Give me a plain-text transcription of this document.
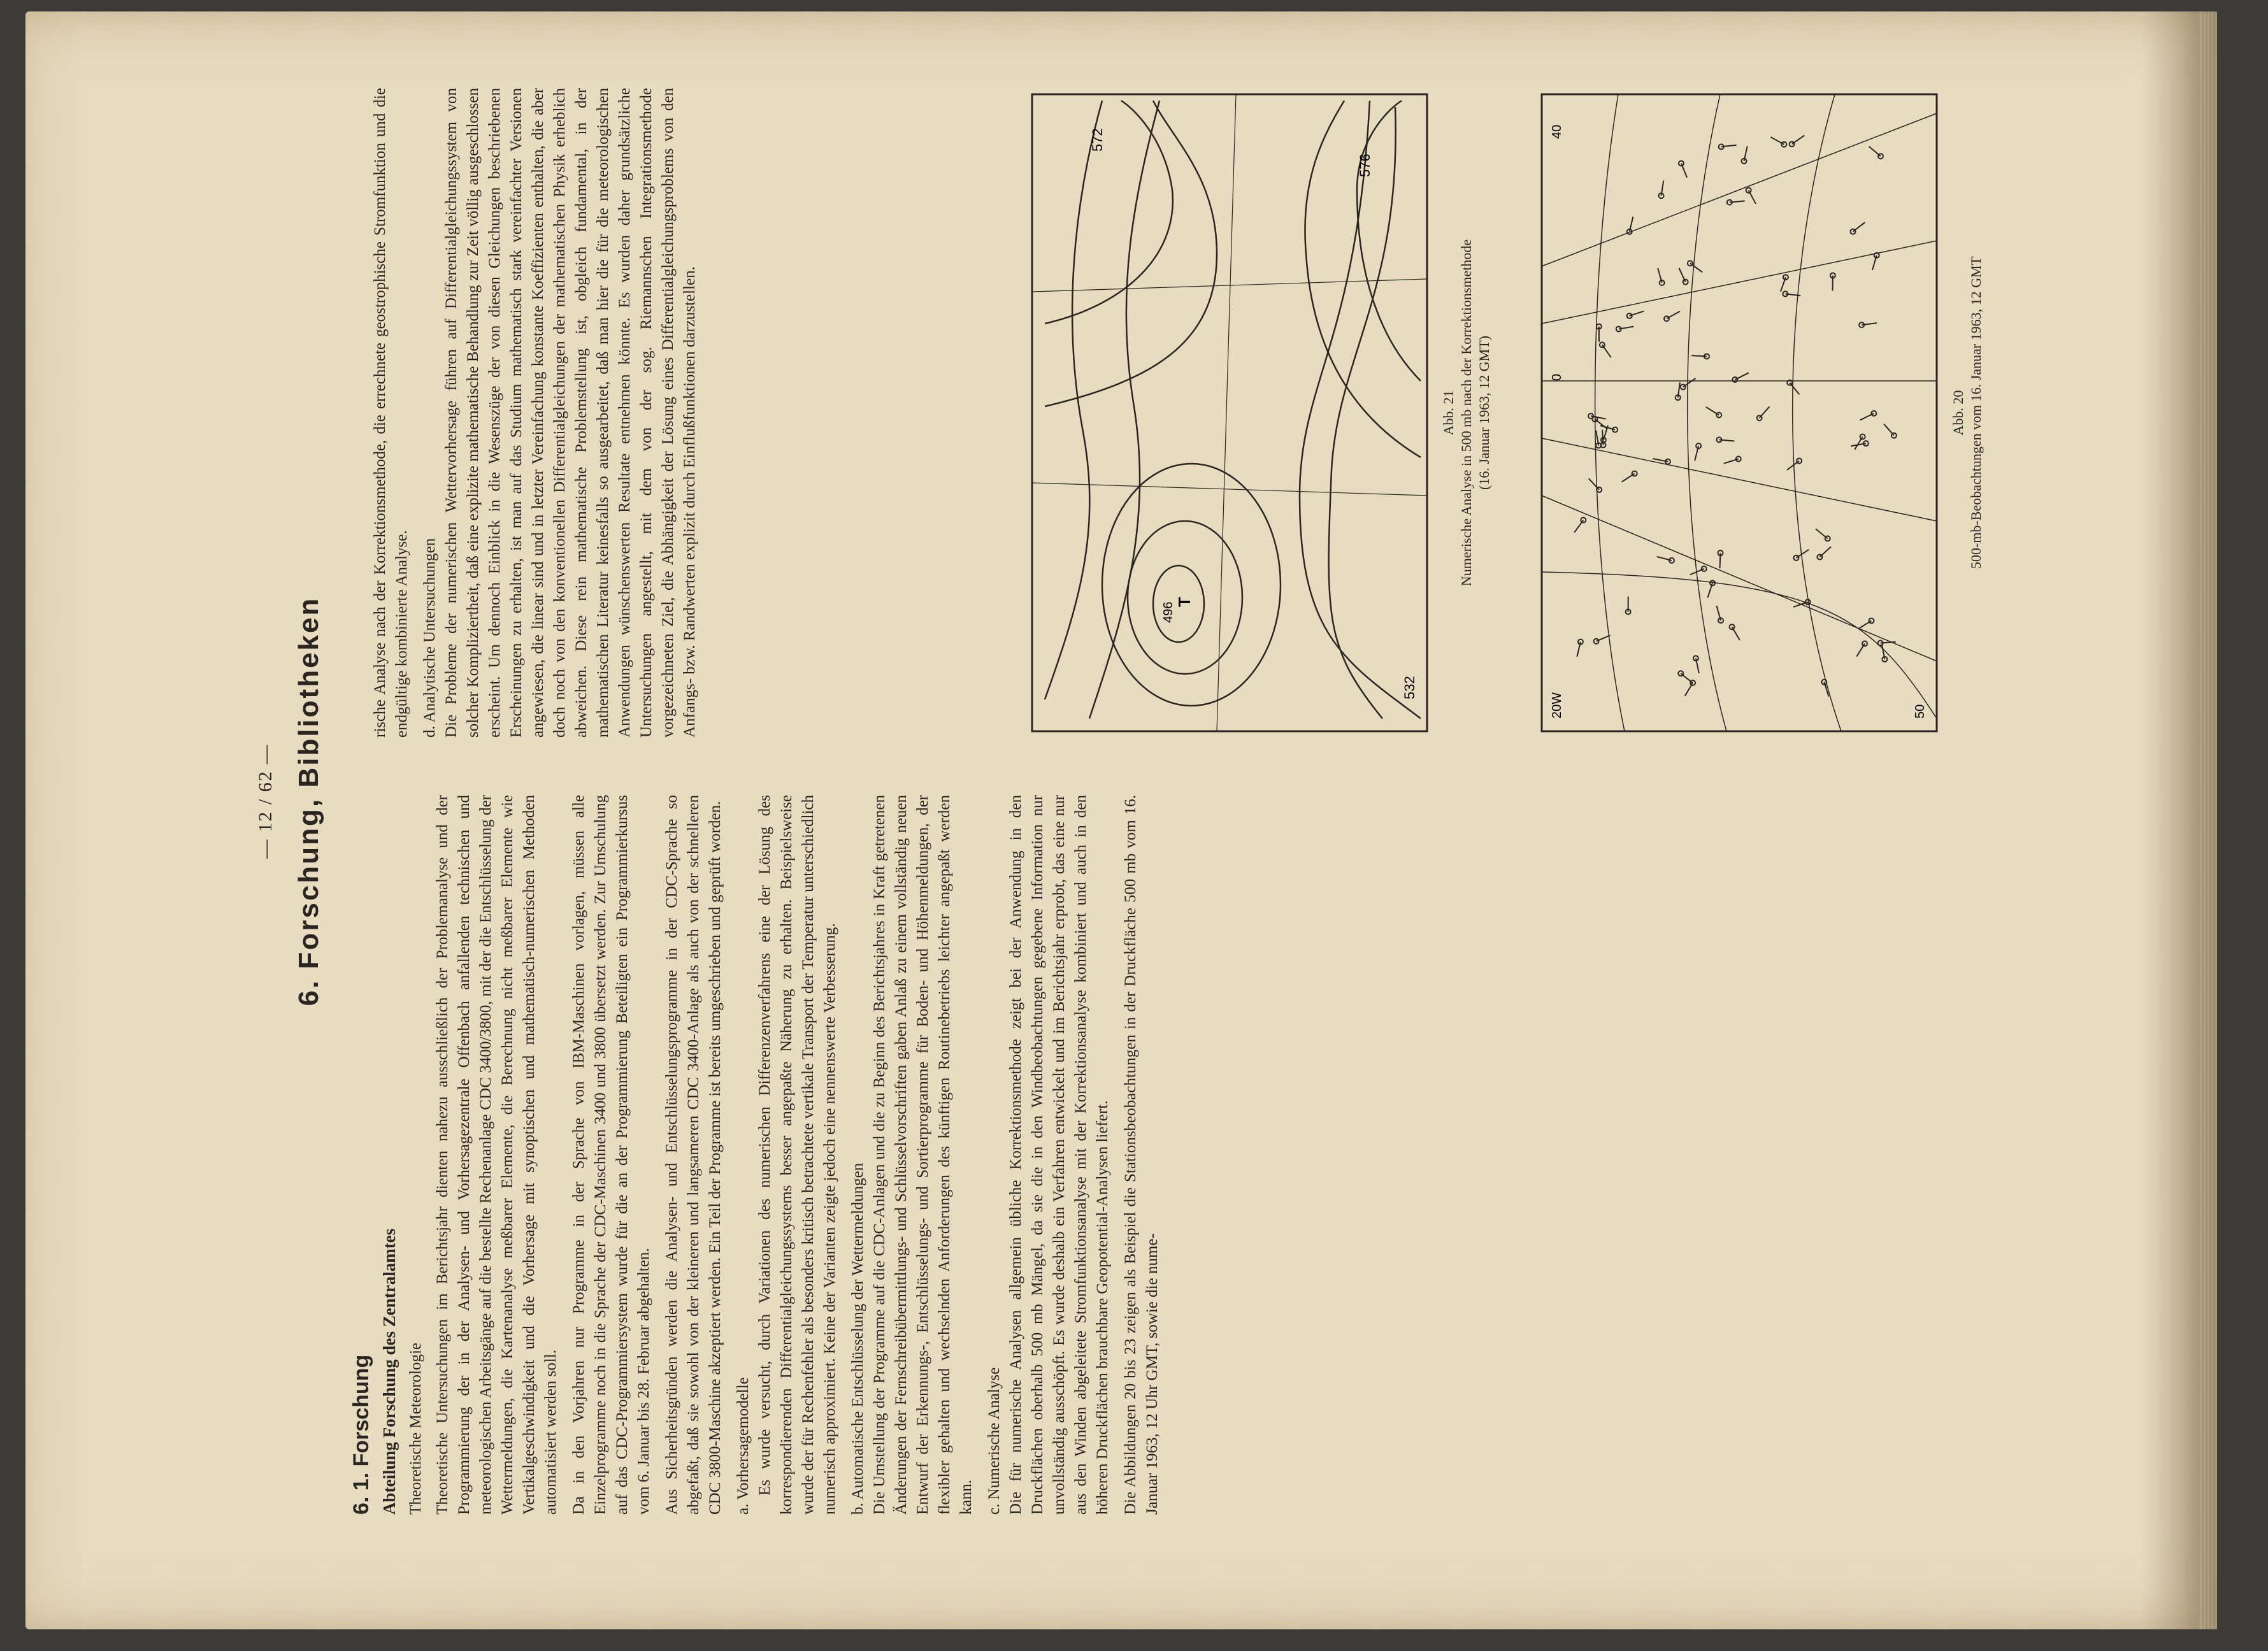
— 12 / 62 — 6. Forschung, Bibliotheken
6. 1. Forschung Abteilung Forschung des Zentralamtes Theoretische Meteorologie Theoretische Untersuchungen im Berichtsjahr dienten nahezu ausschließlich der Problemanalyse und der Programmierung der in der Analysen- und Vorhersagezentrale Offenbach anfallenden technischen und meteorologischen Arbeitsgänge auf die bestellte Rechenanlage CDC 3400/3800, mit der die Entschlüsselung der Wettermeldungen, die Kartenanalyse meßbarer Elemente, die Berechnung nicht meßbarer Elemente wie Vertikalgeschwindigkeit und die Vorhersage mit synoptischen und mathematisch-numerischen Methoden automatisiert werden soll. Da in den Vorjahren nur Programme in der Sprache von IBM-Maschinen vorlagen, müssen alle Einzelprogramme noch in die Sprache der CDC-Maschinen 3400 und 3800 übersetzt werden. Zur Umschulung auf das CDC-Programmiersystem wurde für die an der Programmierung Beteiligten ein Programmierkursus vom 6. Januar bis 28. Februar abgehalten. Aus Sicherheitsgründen werden die Analysen- und Entschlüsselungsprogramme in der CDC-Sprache so abgefaßt, daß sie sowohl von der kleineren und langsameren CDC 3400-Anlage als auch von der schnelleren CDC 3800-Maschine akzeptiert werden. Ein Teil der Programme ist bereits umgeschrieben und geprüft worden. a. Vorhersagemodelle Es wurde versucht, durch Variationen des numerischen Differenzenverfahrens eine der Lösung des korrespondierenden Differentialgleichungssystems besser angepaßte Näherung zu erhalten. Beispielsweise wurde der für Rechenfehler als besonders kritisch betrachtete vertikale Transport der Temperatur unterschiedlich numerisch approximiert. Keine der Varianten zeigte jedoch eine nennenswerte Verbesserung. b. Automatische Entschlüsselung der Wettermeldungen Die Umstellung der Programme auf die CDC-Anlagen und die zu Beginn des Berichtsjahres in Kraft getretenen Änderungen der Fernschreibübermittlungs- und Schlüsselvorschriften gaben Anlaß zu einem vollständig neuen Entwurf der Erkennungs-, Entschlüsselungs- und Sortierprogramme für Boden- und Höhenmeldungen, der flexibler gehalten und wechselnden Anforderungen des künftigen Routinebetriebs leichter angepaßt werden kann. c. Numerische Analyse Die für numerische Analysen allgemein übliche Korrektionsmethode zeigt bei der Anwendung in den Druckflächen oberhalb 500 mb Mängel, da sie die in den Windbeobachtungen gegebene Information nur unvollständig ausschöpft. Es wurde deshalb ein Verfahren entwickelt und im Berichtsjahr erprobt, das eine nur aus den Winden abgeleitete Stromfunktionsanalyse mit der Korrektionsanalyse kombiniert und auch in den höheren Druckflächen brauchbare Geopotential-Analysen liefert. Die Abbildungen 20 bis 23 zeigen als Beispiel die Stationsbeobachtungen in der Druckfläche 500 mb vom 16. Januar 1963, 12 Uhr GMT, sowie die nume-

rische Analyse nach der Korrektionsmethode, die errechnete geostrophische Stromfunktion und die endgültige kombinierte Analyse. d. Analytische Untersuchungen Die Probleme der numerischen Wettervorhersage führen auf Differentialgleichungssystem von solcher Kompliziertheit, daß eine explizite mathematische Behandlung zur Zeit völlig ausgeschlossen erscheint. Um dennoch Einblick in die Wesenszüge der von diesen Gleichungen beschriebenen Erscheinungen zu erhalten, ist man auf das Studium mathematisch stark vereinfachter Versionen angewiesen, die linear sind und in letzter Vereinfachung konstante Koeffizienten enthalten, die aber doch noch von den konventionellen Differentialgleichungen der mathematischen Physik erheblich abweichen. Diese rein mathematische Problemstellung ist, obgleich fundamental, in der mathematischen Literatur keinesfalls so ausgearbeitet, daß man hier die für die meteorologischen Anwendungen wünschenswerten Resultate entnehmen könnte. Es wurden daher grundsätzliche Untersuchungen angestellt, mit dem von der sog. Riemannschen Integrationsmethode vorgezeichneten Ziel, die Abhängigkeit der Lösung eines Differentialgleichungsproblems von den Anfangs- bzw. Randwerten explizit durch Einflußfunktionen darzustellen.	532
572
496
576
T
Abb. 21 Numerische Analyse in 500 mb nach der Korrektionsmethode (16. Januar 1963, 12 GMT)
20W
0
50
40
Abb. 20 500-mb-Beobachtungen vom 16. Januar 1963, 12 GMT
